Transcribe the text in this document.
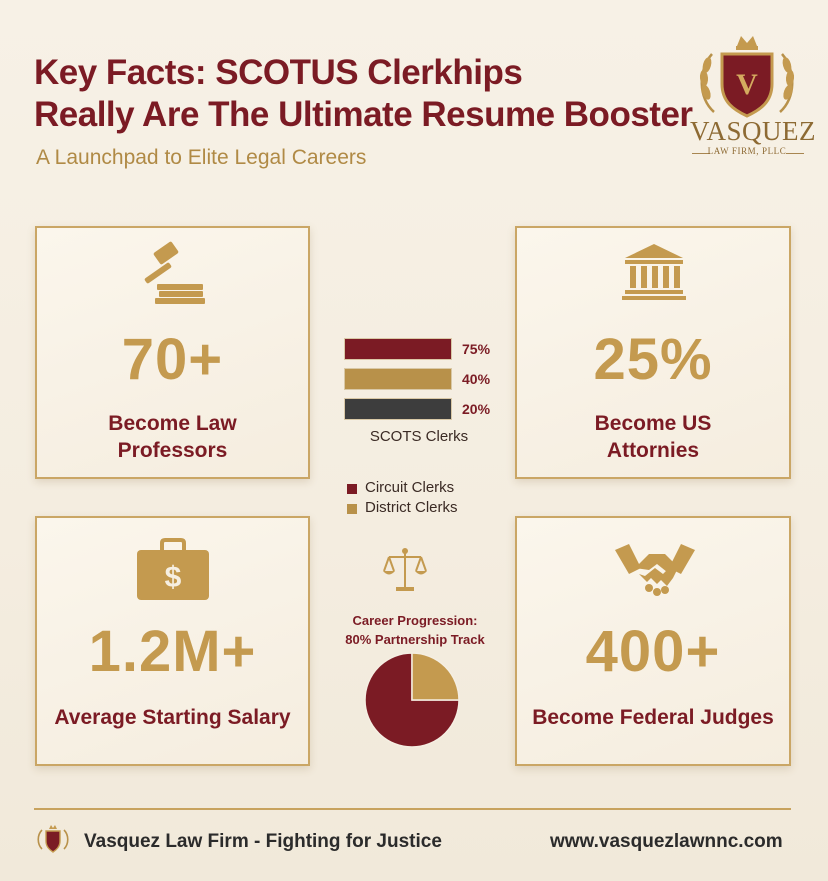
Key Facts: SCOTUS Clerkhips
Really Are The Ultimate Resume Booster
A Launchpad to Elite Legal Careers
V
VASQUEZ
LAW FIRM, PLLC
70+
Become Law
Professors
25%
Become US
Attornies
$
1.2M+
Average Starting Salary
400+
Become Federal Judges
75%
40%
20%
SCOTS Clerks
Circuit Clerks
District Clerks
Career Progression:
80% Partnership Track
Vasquez Law Firm - Fighting for Justice	www.vasquezlawnnc.com
